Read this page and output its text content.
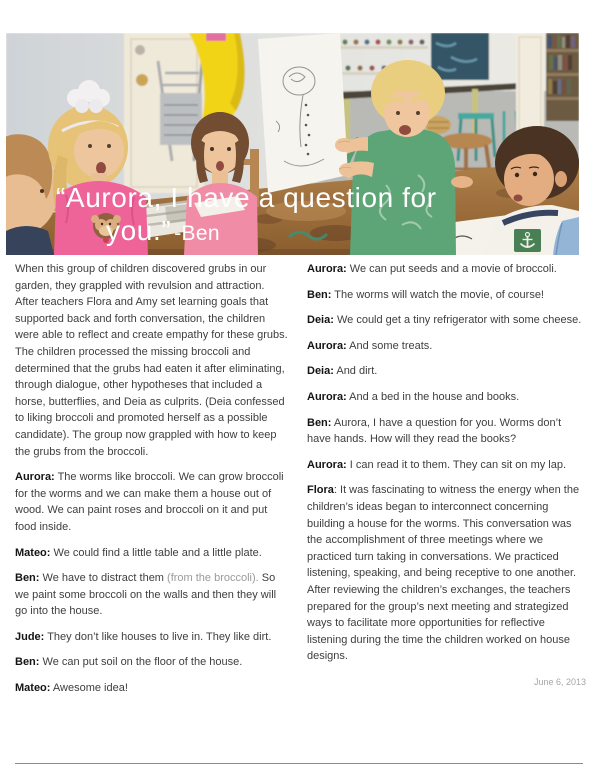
“Aurora, I have a question for
you.” -Ben

When this group of children discovered grubs in our garden, they grappled with revulsion and attraction. After teachers Flora and Amy set learning goals that supported back and forth conversation, the children were able to reflect and create empathy for these grubs. The children processed the missing broccoli and determined that the grubs had eaten it after eliminating, through dialogue, other hypotheses that included a horse, butterflies, and Deia as culprits. (Deia confessed to liking broccoli and promoted herself as a possible candidate). The group now grappled with how to keep the grubs from the broccoli.

Aurora: The worms like broccoli. We can grow broccoli for the worms and we can make them a house out of wood. We can paint roses and broccoli on it and put food inside.

Mateo: We could find a little table and a little plate.

Ben: We have to distract them (from the broccoli). So we paint some broccoli on the walls and then they will go into the house.

Jude: They don’t like houses to live in. They like dirt.

Ben: We can put soil on the floor of the house.

Mateo: Awesome idea!

Aurora: We can put seeds and a movie of broccoli.

Ben: The worms will watch the movie, of course!

Deia: We could get a tiny refrigerator with some cheese.

Aurora: And some treats.

Deia: And dirt.

Aurora: And a bed in the house and books.

Ben: Aurora, I have a question for you. Worms don’t have hands. How will they read the books?

Aurora: I can read it to them. They can sit on my lap.

Flora: It was fascinating to witness the energy when the children’s ideas began to interconnect concerning building a house for the worms. This conversation was the accomplishment of three meetings where we practiced turn taking in conversations. We practiced listening, speaking, and being receptive to one another. After reviewing the children’s exchanges, the teachers prepared for the group’s next meeting and strategized ways to facilitate more opportunities for reflective listening during the time the children worked on house designs.

June 6, 2013
